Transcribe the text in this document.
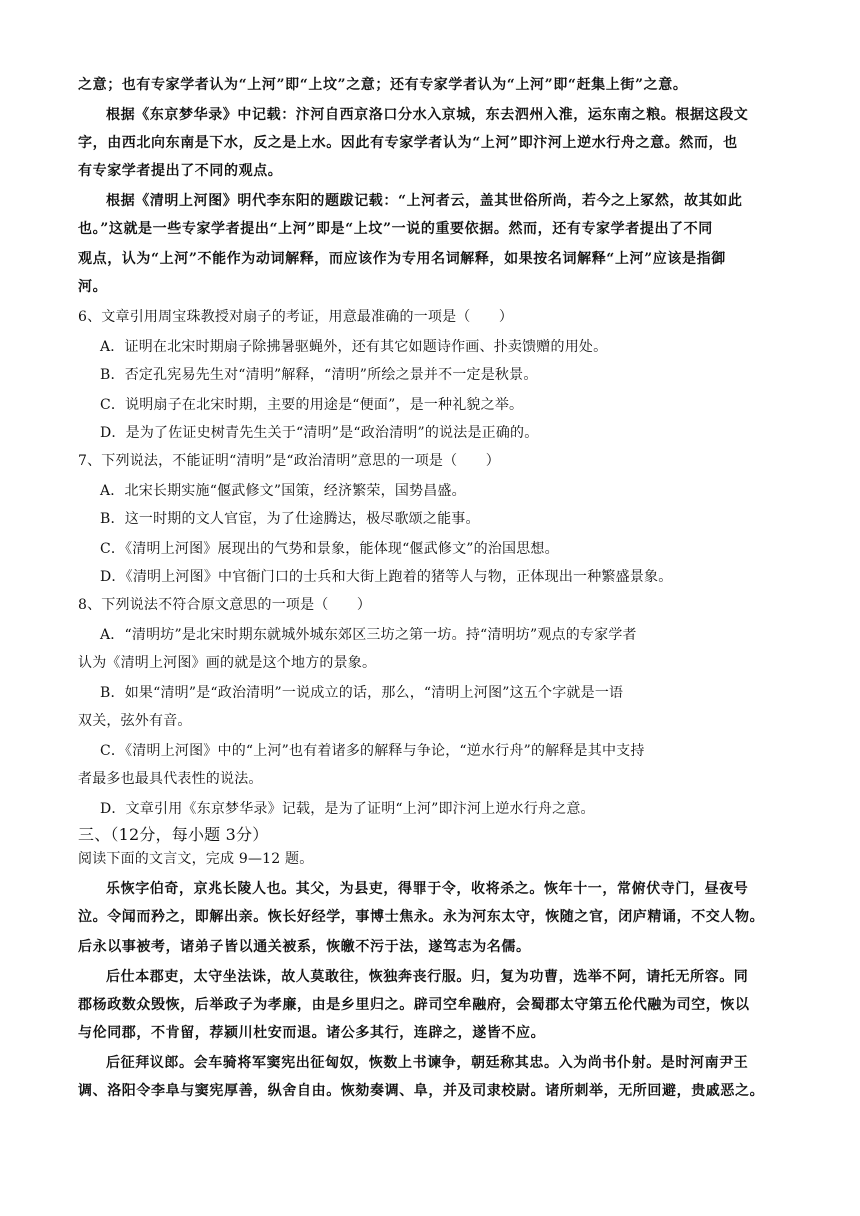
之意；也有专家学者认为“上河”即“上坟”之意；还有专家学者认为“上河”即“赶集上街”之意。
根据《东京梦华录》中记载：汴河自西京洛口分水入京城，东去泗州入淮，运东南之粮。根据这段文
字，由西北向东南是下水，反之是上水。因此有专家学者认为“上河”即汴河上逆水行舟之意。然而，也
有专家学者提出了不同的观点。
根据《清明上河图》明代李东阳的题跋记载：“上河者云，盖其世俗所尚，若今之上冢然，故其如此
也。”这就是一些专家学者提出“上河”即是“上坟”一说的重要依据。然而，还有专家学者提出了不同
观点，认为“上河”不能作为动词解释，而应该作为专用名词解释，如果按名词解释“上河”应该是指御
河。
6、文章引用周宝珠教授对扇子的考证，用意最准确的一项是（　　）
A．证明在北宋时期扇子除拂暑驱蝇外，还有其它如题诗作画、扑卖馈赠的用处。
B．否定孔宪易先生对“清明”解释，“清明”所绘之景并不一定是秋景。
C．说明扇子在北宋时期，主要的用途是“便面”，是一种礼貌之举。
D．是为了佐证史树青先生关于“清明”是“政治清明”的说法是正确的。
7、下列说法，不能证明“清明”是“政治清明”意思的一项是（　　）
A．北宋长期实施“偃武修文”国策，经济繁荣，国势昌盛。
B．这一时期的文人官宦，为了仕途腾达，极尽歌颂之能事。
C．《清明上河图》展现出的气势和景象，能体现“偃武修文”的治国思想。
D．《清明上河图》中官衙门口的士兵和大街上跑着的猪等人与物，正体现出一种繁盛景象。
8、下列说法不符合原文意思的一项是（　　）
A．“清明坊”是北宋时期东就城外城东郊区三坊之第一坊。持“清明坊”观点的专家学者
认为《清明上河图》画的就是这个地方的景象。
B．如果“清明”是“政治清明”一说成立的话，那么，“清明上河图”这五个字就是一语
双关，弦外有音。
C．《清明上河图》中的“上河”也有着诸多的解释与争论，“逆水行舟”的解释是其中支持
者最多也最具代表性的说法。
D．文章引用《东京梦华录》记载，是为了证明“上河”即汴河上逆水行舟之意。
三、（12分，每小题 3分）
阅读下面的文言文，完成 9—12 题。
乐恢字伯奇，京兆长陵人也。其父，为县吏，得罪于令，收将杀之。恢年十一，常俯伏寺门，昼夜号
泣。令闻而矜之，即解出亲。恢长好经学，事博士焦永。永为河东太守，恢随之官，闭庐精诵，不交人物。
后永以事被考，诸弟子皆以通关被系，恢皦不污于法，遂笃志为名儒。
后仕本郡吏，太守坐法诛，故人莫敢往，恢独奔丧行服。归，复为功曹，选举不阿，请托无所容。同
郡杨政数众毁恢，后举政子为孝廉，由是乡里归之。辟司空牟融府，会蜀郡太守第五伦代融为司空，恢以
与伦同郡，不肯留，荐颍川杜安而退。诸公多其行，连辟之，遂皆不应。
后征拜议郎。会车骑将军窦宪出征匈奴，恢数上书谏争，朝廷称其忠。入为尚书仆射。是时河南尹王
调、洛阳令李阜与窦宪厚善，纵舍自由。恢劾奏调、阜，并及司隶校尉。诸所刺举，无所回避，贵戚恶之。
